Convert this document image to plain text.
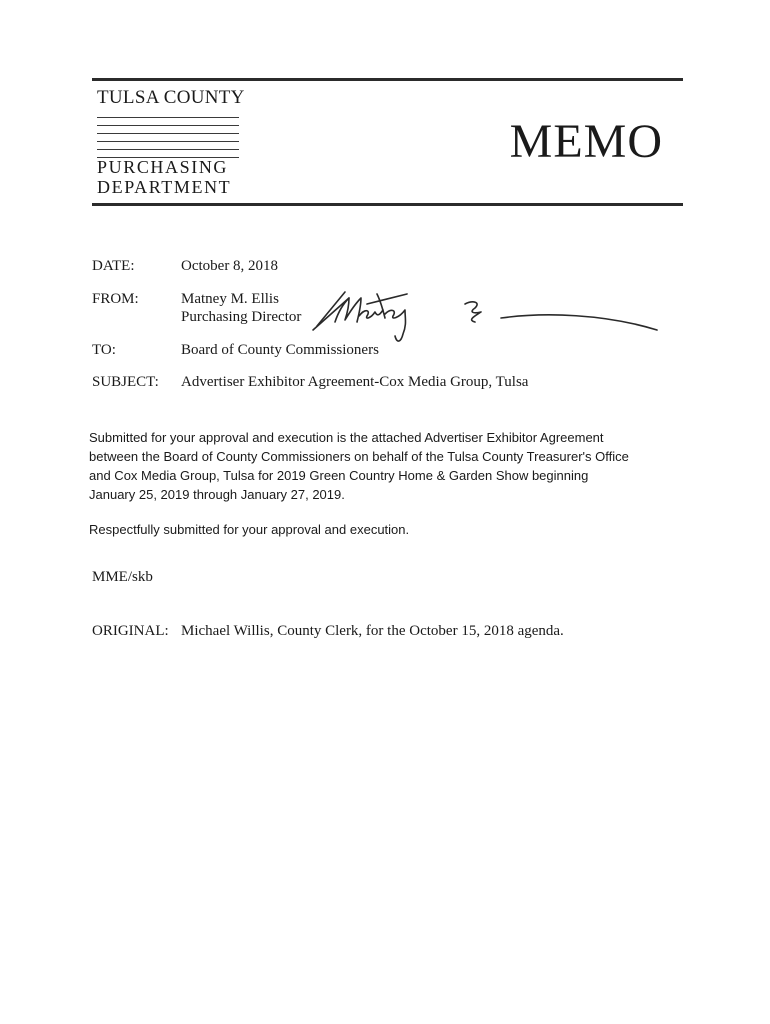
TULSA COUNTY
PURCHASING
DEPARTMENT
MEMO
DATE:	October 8, 2018
FROM:	Matney M. Ellis
Purchasing Director
TO:	Board of County Commissioners
SUBJECT: Advertiser Exhibitor Agreement-Cox Media Group, Tulsa
Submitted for your approval and execution is the attached Advertiser Exhibitor Agreement
between the Board of County Commissioners on behalf of the Tulsa County Treasurer's Office
and Cox Media Group, Tulsa for 2019 Green Country Home & Garden Show beginning
January 25, 2019 through January 27, 2019.
Respectfully submitted for your approval and execution.
MME/skb
ORIGINAL: Michael Willis, County Clerk, for the October 15, 2018 agenda.
